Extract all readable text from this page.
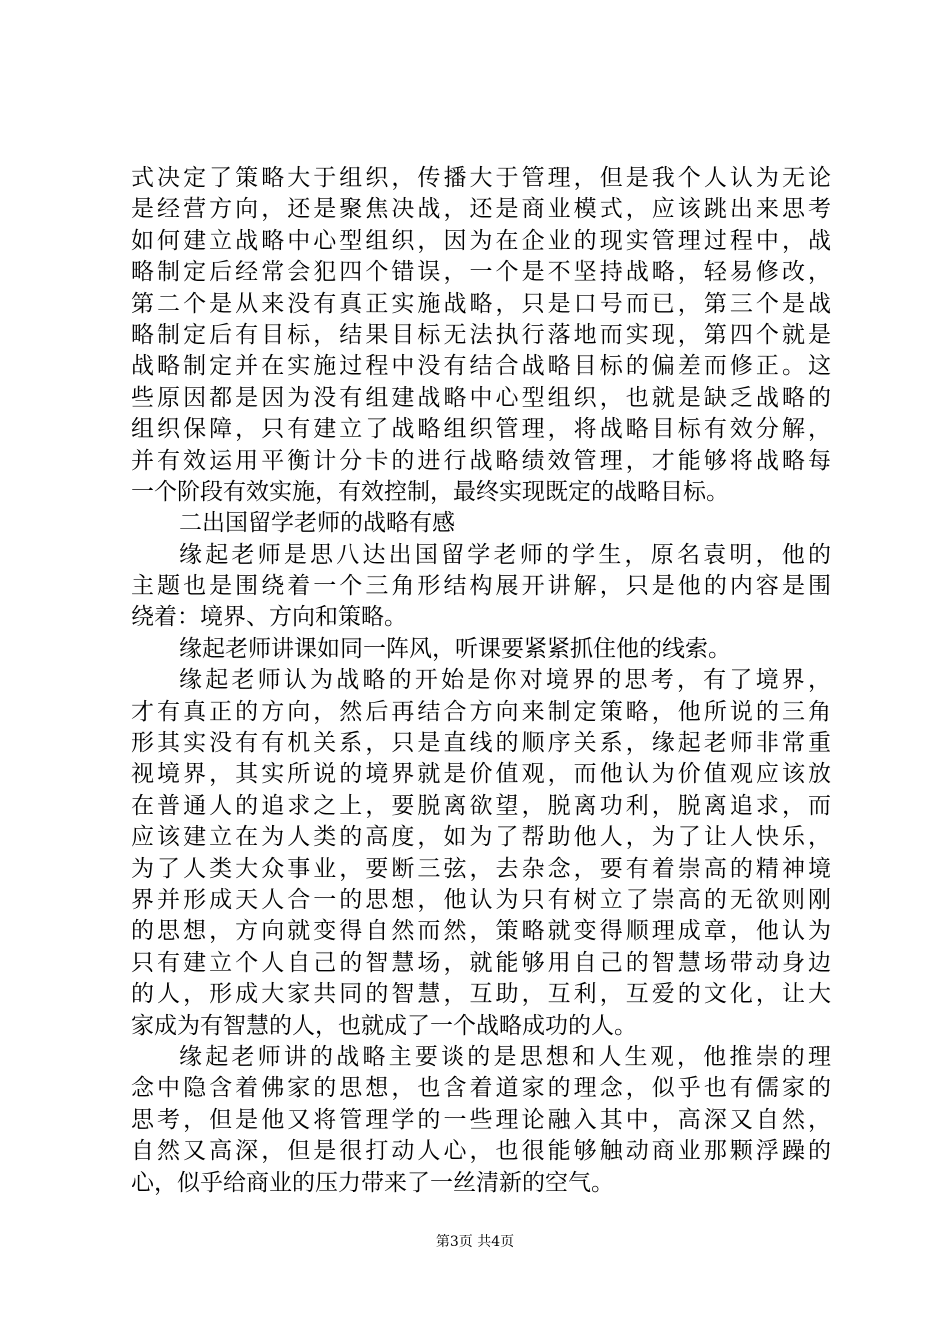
式决定了策略大于组织，传播大于管理，但是我个人认为无论
是经营方向，还是聚焦决战，还是商业模式，应该跳出来思考
如何建立战略中心型组织，因为在企业的现实管理过程中，战
略制定后经常会犯四个错误，一个是不坚持战略，轻易修改，
第二个是从来没有真正实施战略，只是口号而已，第三个是战
略制定后有目标，结果目标无法执行落地而实现，第四个就是
战略制定并在实施过程中没有结合战略目标的偏差而修正。这
些原因都是因为没有组建战略中心型组织，也就是缺乏战略的
组织保障，只有建立了战略组织管理，将战略目标有效分解，
并有效运用平衡计分卡的进行战略绩效管理，才能够将战略每
一个阶段有效实施，有效控制，最终实现既定的战略目标。
二出国留学老师的战略有感
缘起老师是思八达出国留学老师的学生，原名袁明，他的
主题也是围绕着一个三角形结构展开讲解，只是他的内容是围
绕着：境界、方向和策略。
缘起老师讲课如同一阵风，听课要紧紧抓住他的线索。
缘起老师认为战略的开始是你对境界的思考，有了境界，
才有真正的方向，然后再结合方向来制定策略，他所说的三角
形其实没有有机关系，只是直线的顺序关系，缘起老师非常重
视境界，其实所说的境界就是价值观，而他认为价值观应该放
在普通人的追求之上，要脱离欲望，脱离功利，脱离追求，而
应该建立在为人类的高度，如为了帮助他人，为了让人快乐，
为了人类大众事业，要断三弦，去杂念，要有着崇高的精神境
界并形成天人合一的思想，他认为只有树立了崇高的无欲则刚
的思想，方向就变得自然而然，策略就变得顺理成章，他认为
只有建立个人自己的智慧场，就能够用自己的智慧场带动身边
的人，形成大家共同的智慧，互助，互利，互爱的文化，让大
家成为有智慧的人，也就成了一个战略成功的人。
缘起老师讲的战略主要谈的是思想和人生观，他推崇的理
念中隐含着佛家的思想，也含着道家的理念，似乎也有儒家的
思考，但是他又将管理学的一些理论融入其中，高深又自然，
自然又高深，但是很打动人心，也很能够触动商业那颗浮躁的
心，似乎给商业的压力带来了一丝清新的空气。
第3页 共4页
